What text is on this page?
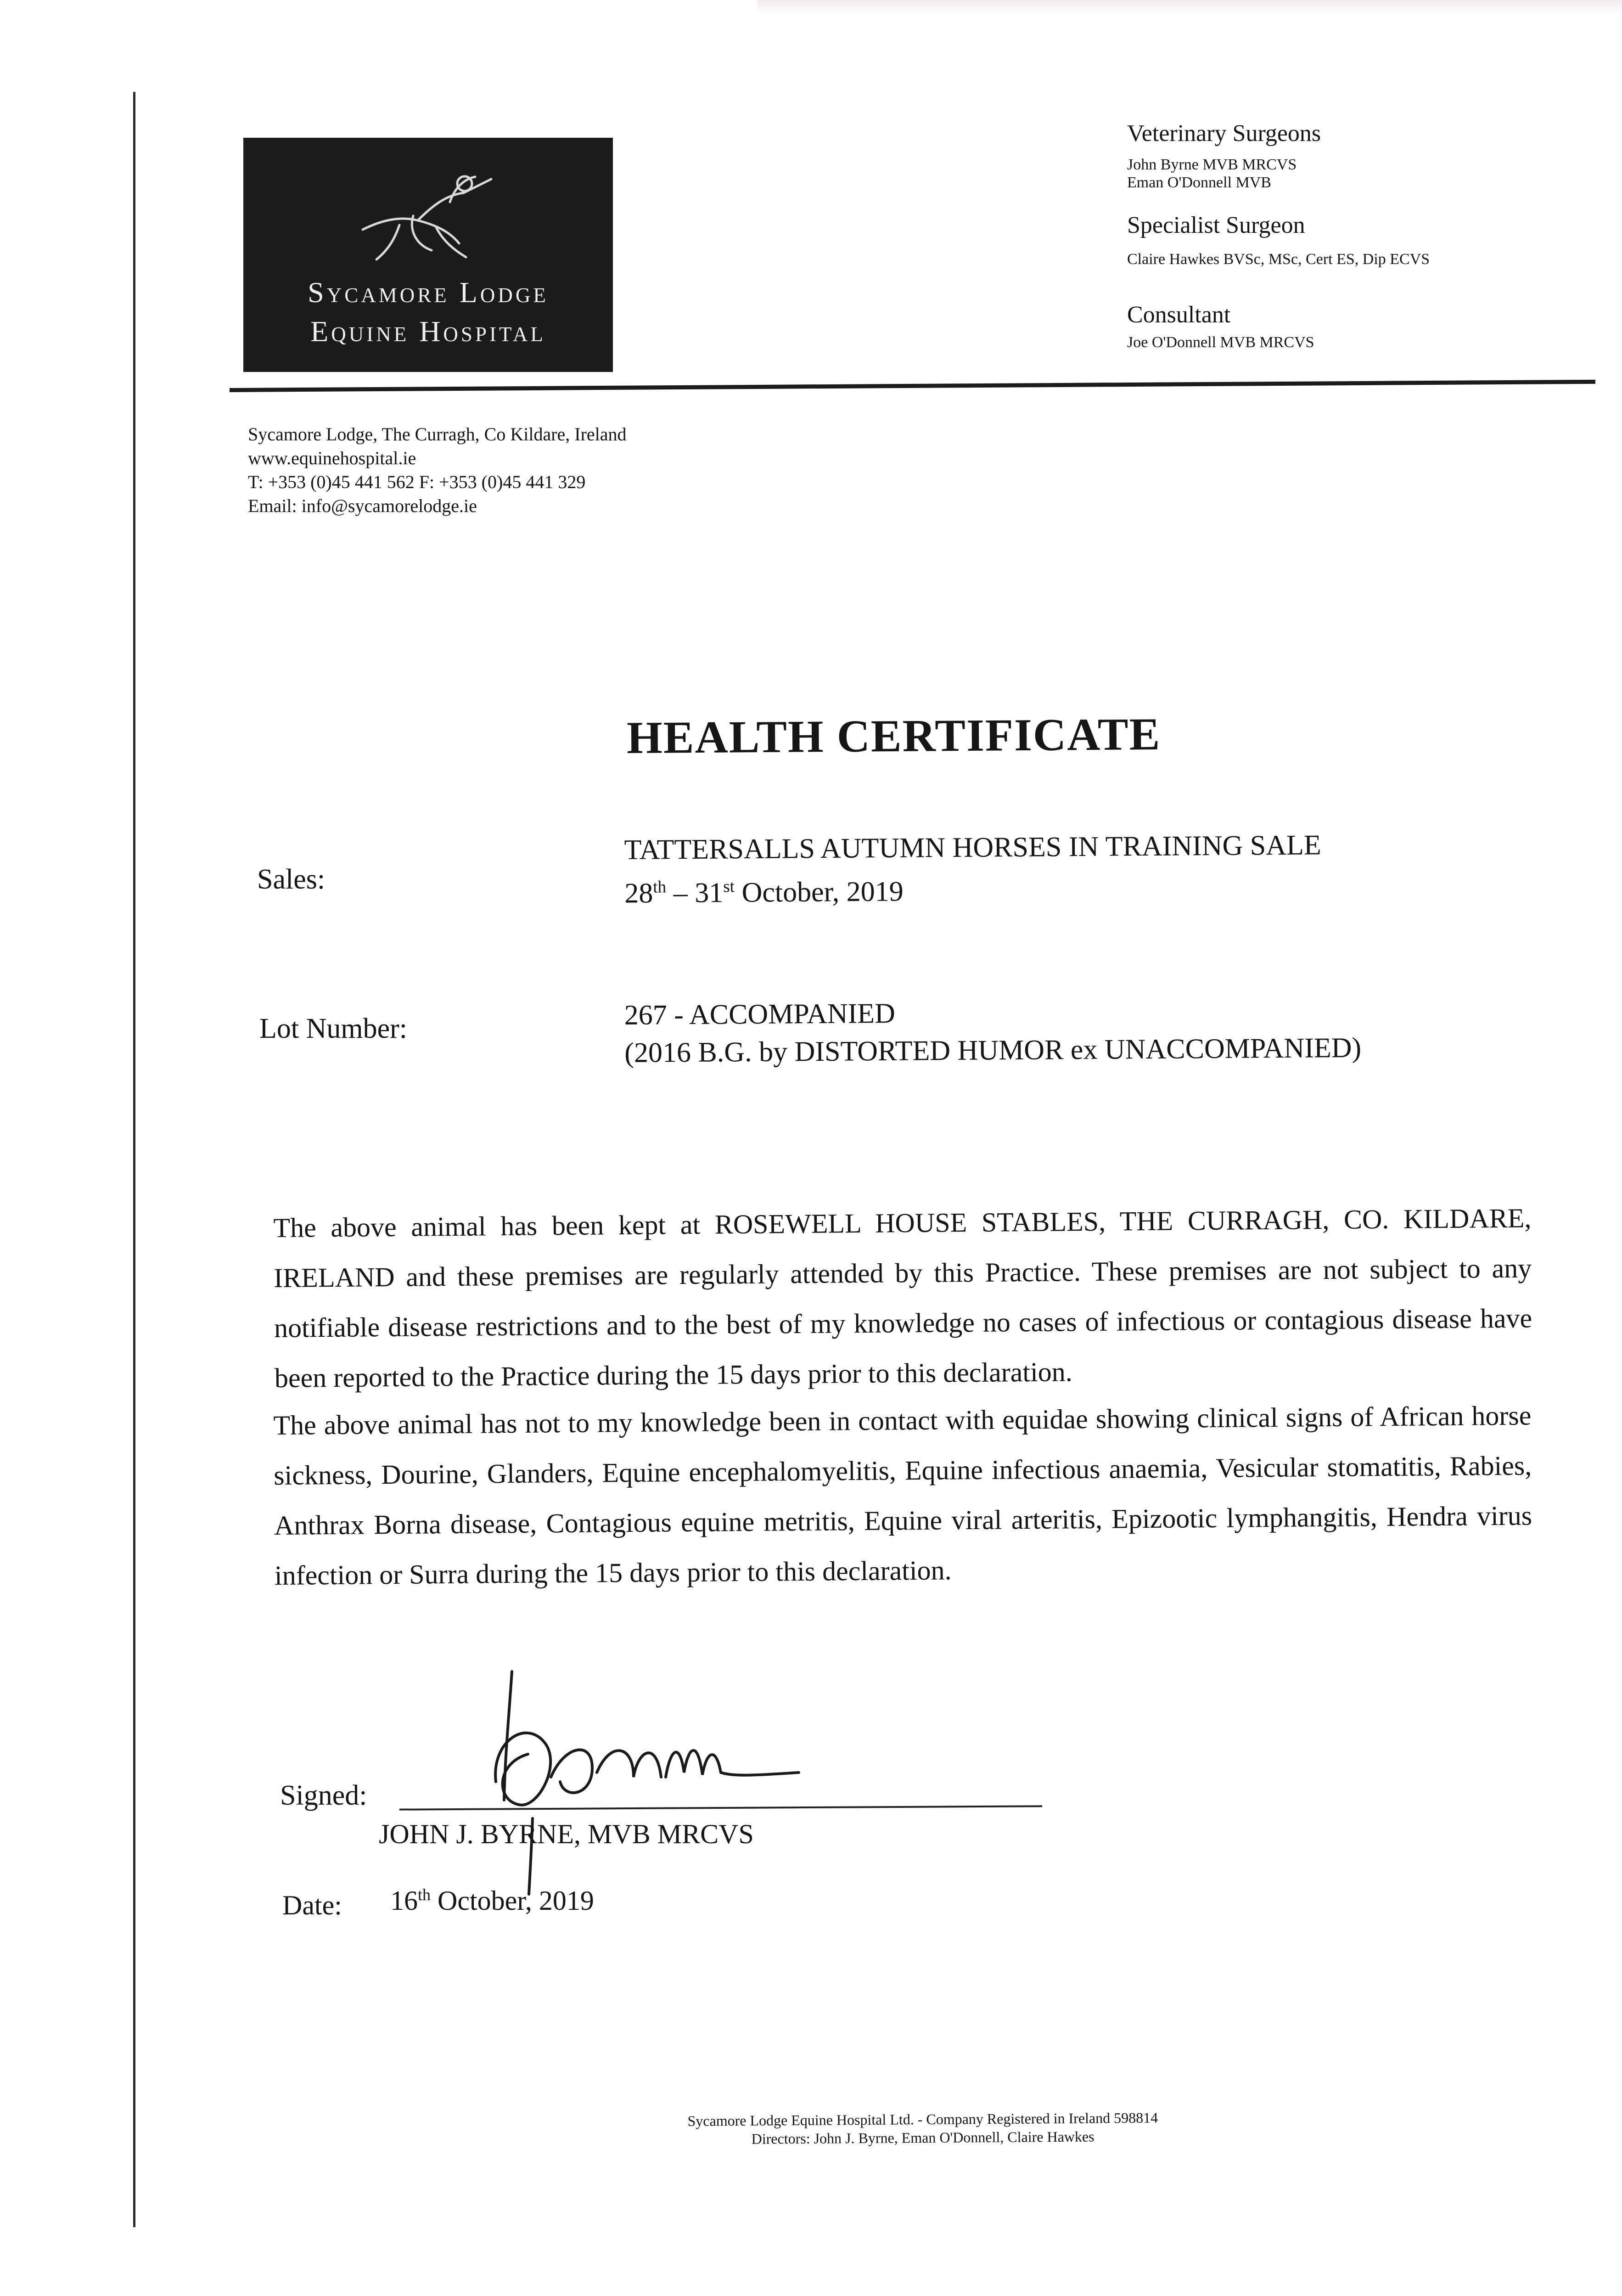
Sycamore Lodge
Equine Hospital

Veterinary Surgeons

John Byrne MVB MRCVS

Eman O'Donnell MVB

Specialist Surgeon

Claire Hawkes BVSc, MSc, Cert ES, Dip ECVS

Consultant

Joe O'Donnell MVB MRCVS

Sycamore Lodge, The Curragh, Co Kildare, Ireland
www.equinehospital.ie
T: +353 (0)45 441 562 F: +353 (0)45 441 329
Email: info@sycamorelodge.ie
HEALTH CERTIFICATE
Sales:
TATTERSALLS AUTUMN HORSES IN TRAINING SALE
28th – 31st October, 2019
Lot Number:	267 - ACCOMPANIED
(2016 B.G. by DISTORTED HUMOR ex UNACCOMPANIED)
The above animal has been kept at ROSEWELL HOUSE STABLES, THE CURRAGH, CO. KILDARE, IRELAND and these premises are regularly attended by this Practice. These premises are not subject to any notifiable disease restrictions and to the best of my knowledge no cases of infectious or contagious disease have been reported to the Practice during the 15 days prior to this declaration.
The above animal has not to my knowledge been in contact with equidae showing clinical signs of African horse sickness, Dourine, Glanders, Equine encephalomyelitis, Equine infectious anaemia, Vesicular stomatitis, Rabies, Anthrax Borna disease, Contagious equine metritis, Equine viral arteritis, Epizootic lymphangitis, Hendra virus infection or Surra during the 15 days prior to this declaration.
Signed:
JOHN J. BYRNE, MVB MRCVS
Date: 16th October, 2019
Sycamore Lodge Equine Hospital Ltd. - Company Registered in Ireland 598814
Directors: John J. Byrne, Eman O'Donnell, Claire Hawkes
